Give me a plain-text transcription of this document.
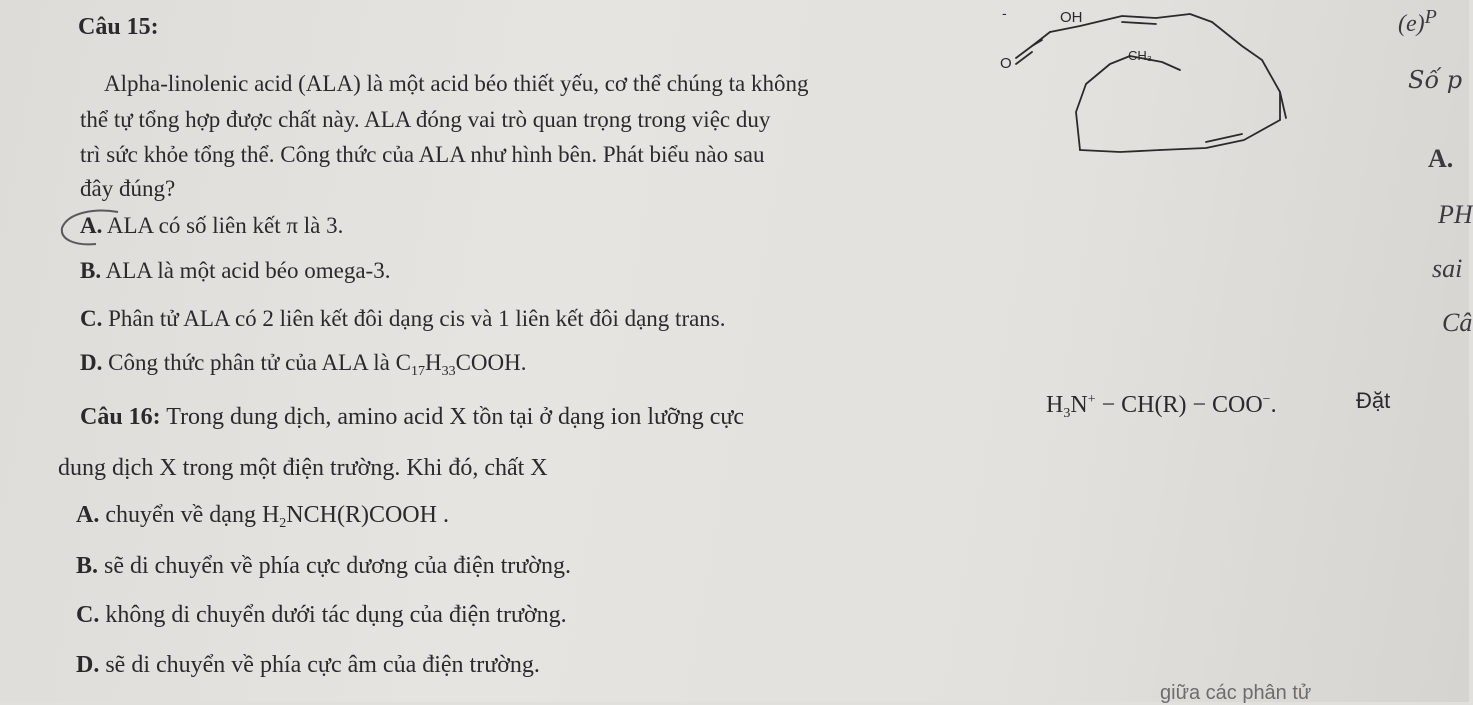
Câu 15:
Alpha-linolenic acid (ALA) là một acid béo thiết yếu, cơ thể chúng ta không
thể tự tổng hợp được chất này. ALA đóng vai trò quan trọng trong việc duy
trì sức khỏe tổng thể. Công thức của ALA như hình bên. Phát biểu nào sau
đây đúng?
A. ALA có số liên kết π là 3.
B. ALA là một acid béo omega-3.
C. Phân tử ALA có 2 liên kết đôi dạng cis và 1 liên kết đôi dạng trans.
D. Công thức phân tử của ALA là $C_{17}H_{33}COOH$.
-	OH
O	CH₃
$(e)^P$
Số p
A.
PH
sai
Câ
Câu 16: Trong dung dịch, amino acid X tồn tại ở dạng ion lưỡng cực	$H_3N^+ - CH(R) - COO^-$.	Đặt
dung dịch X trong một điện trường. Khi đó, chất X
A. chuyển về dạng $H_2NCH(R)COOH$ .
B. sẽ di chuyển về phía cực dương của điện trường.
C. không di chuyển dưới tác dụng của điện trường.
D. sẽ di chuyển về phía cực âm của điện trường.
giữa các phân tử
